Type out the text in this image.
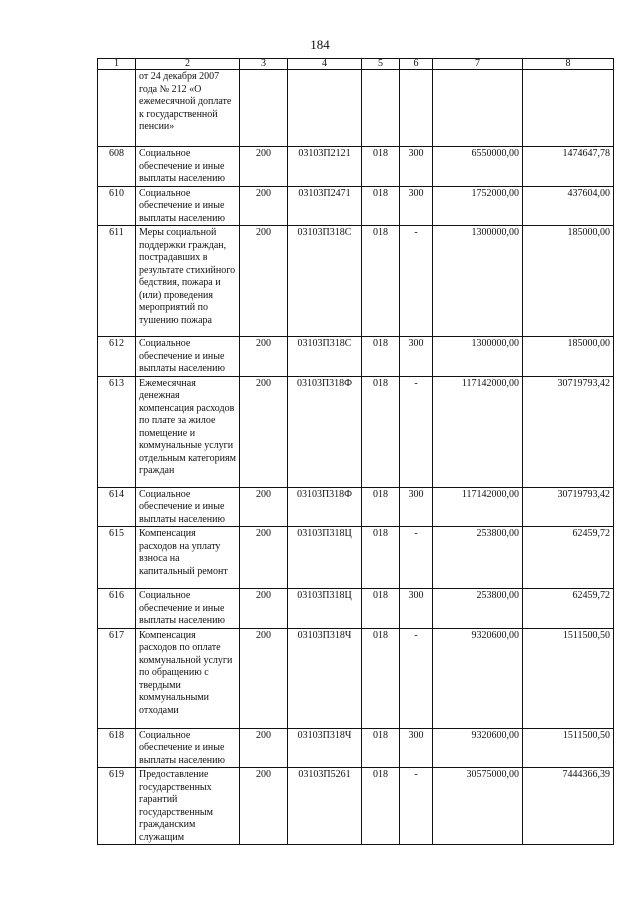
184
1	2	3	4	5	6	7	8
	от 24 декабря 2007 года № 212 «О ежемесячной доплате к государственной пенсии»						
608	Социальное обеспечение и иные выплаты населению	200	03103П2121	018	300	6550000,00	1474647,78
610	Социальное обеспечение и иные выплаты населению	200	03103П2471	018	300	1752000,00	437604,00
611	Меры социальной поддержки граждан, пострадавших в результате стихийного бедствия, пожара и (или) проведения мероприятий по тушению пожара	200	03103П318С	018	-	1300000,00	185000,00
612	Социальное обеспечение и иные выплаты населению	200	03103П318С	018	300	1300000,00	185000,00
613	Ежемесячная денежная компенсация расходов по плате за жилое помещение и коммунальные услуги отдельным категориям граждан	200	03103П318Ф	018	-	117142000,00	30719793,42
614	Социальное обеспечение и иные выплаты населению	200	03103П318Ф	018	300	117142000,00	30719793,42
615	Компенсация расходов на уплату взноса на капитальный ремонт	200	03103П318Ц	018	-	253800,00	62459,72
616	Социальное обеспечение и иные выплаты населению	200	03103П318Ц	018	300	253800,00	62459,72
617	Компенсация расходов по оплате коммунальной услуги по обращению с твердыми коммунальными отходами	200	03103П318Ч	018	-	9320600,00	1511500,50
618	Социальное обеспечение и иные выплаты населению	200	03103П318Ч	018	300	9320600,00	1511500,50
619	Предоставление государственных гарантий государственным гражданским служащим	200	03103П5261	018	-	30575000,00	7444366,39
